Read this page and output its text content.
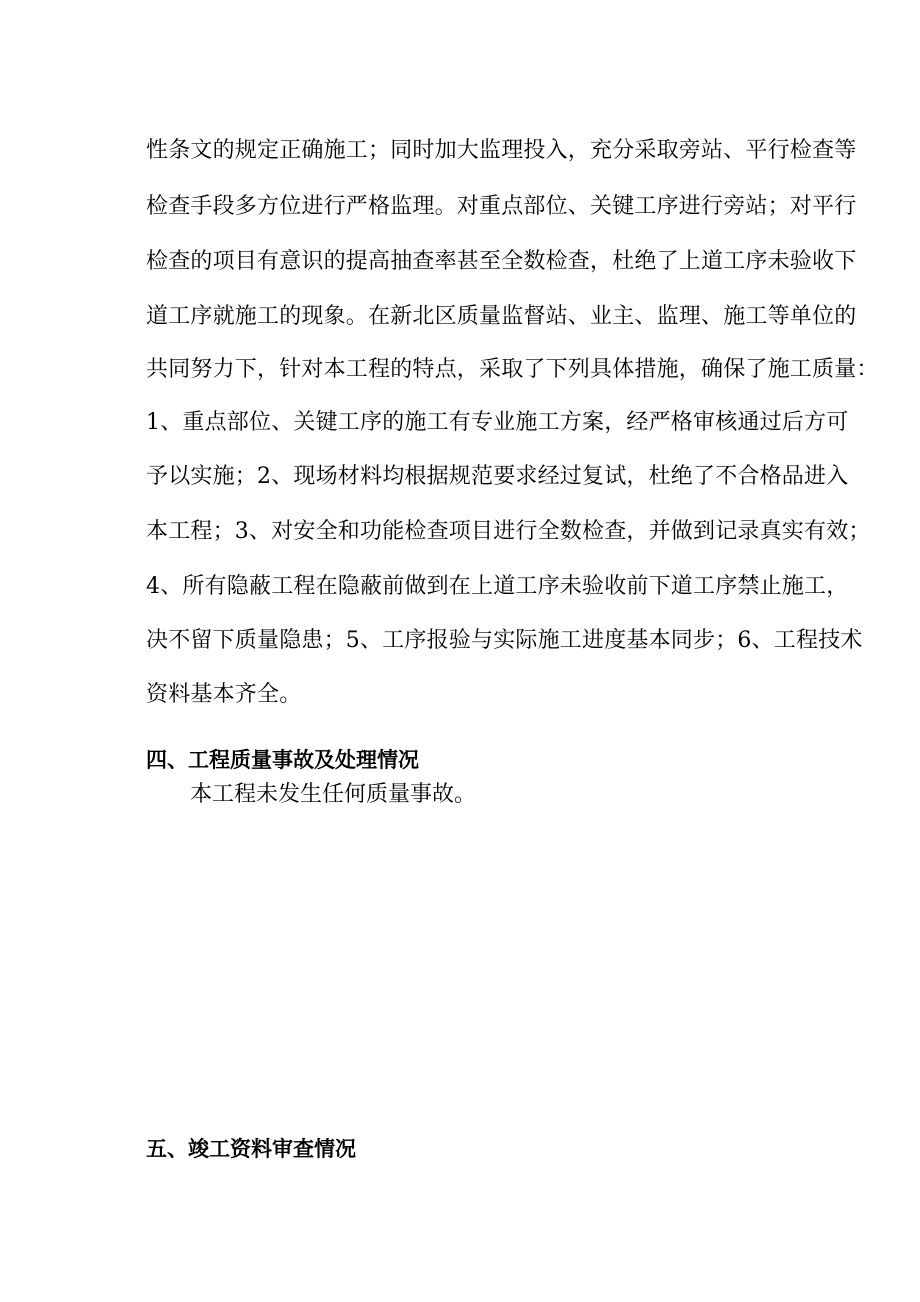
性条文的规定正确施工；同时加大监理投入，充分采取旁站、平行检查等
检查手段多方位进行严格监理。对重点部位、关键工序进行旁站；对平行
检查的项目有意识的提高抽查率甚至全数检查，杜绝了上道工序未验收下
道工序就施工的现象。在新北区质量监督站、业主、监理、施工等单位的
共同努力下，针对本工程的特点，采取了下列具体措施，确保了施工质量：
1、重点部位、关键工序的施工有专业施工方案，经严格审核通过后方可
予以实施；2、现场材料均根据规范要求经过复试，杜绝了不合格品进入
本工程；3、对安全和功能检查项目进行全数检查，并做到记录真实有效；
4、所有隐蔽工程在隐蔽前做到在上道工序未验收前下道工序禁止施工，
决不留下质量隐患；5、工序报验与实际施工进度基本同步；6、工程技术
资料基本齐全。
四、工程质量事故及处理情况
本工程未发生任何质量事故。
五、竣工资料审查情况
